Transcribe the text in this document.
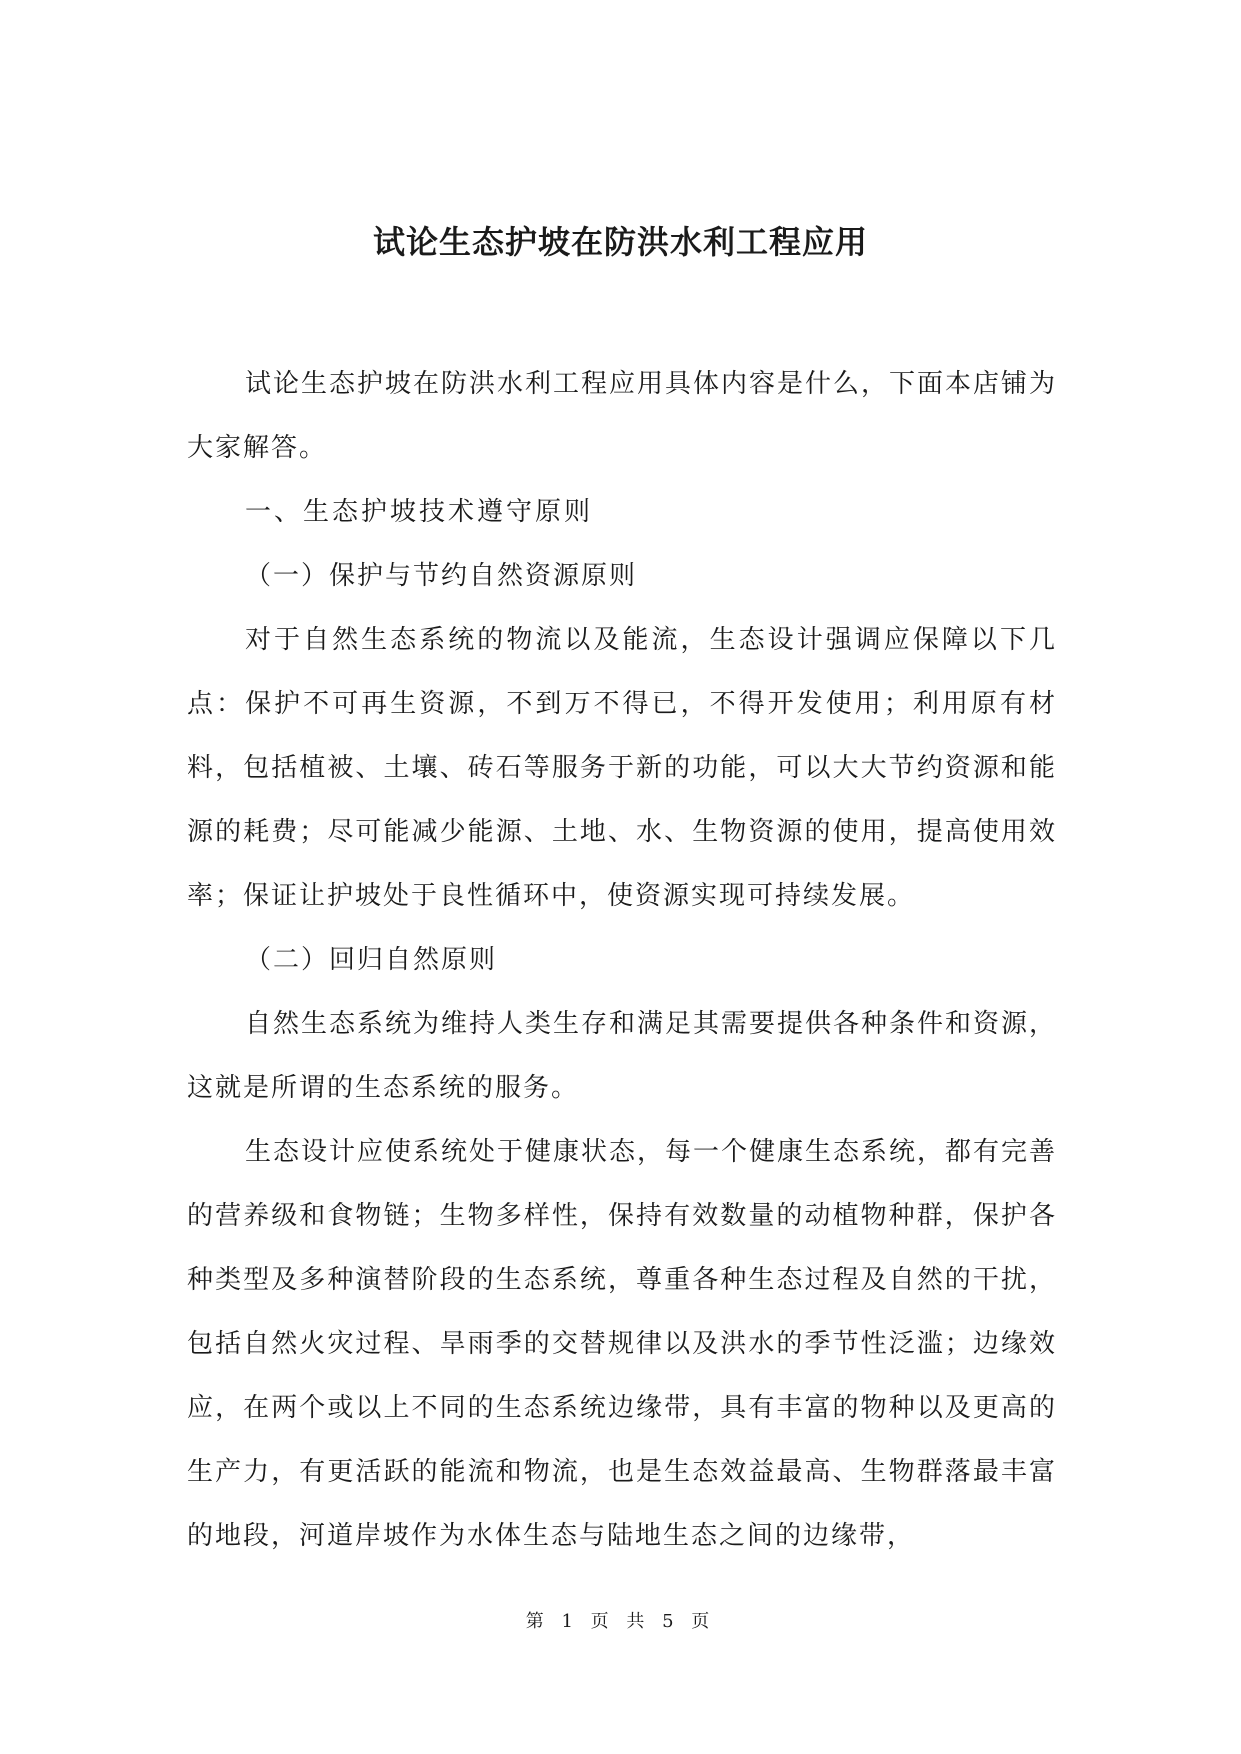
试论生态护坡在防洪水利工程应用

试论生态护坡在防洪水利工程应用具体内容是什么，下面本店铺为大家解答。

一、生态护坡技术遵守原则

（一）保护与节约自然资源原则

对于自然生态系统的物流以及能流，生态设计强调应保障以下几点：保护不可再生资源，不到万不得已，不得开发使用；利用原有材料，包括植被、土壤、砖石等服务于新的功能，可以大大节约资源和能源的耗费；尽可能减少能源、土地、水、生物资源的使用，提高使用效率；保证让护坡处于良性循环中，使资源实现可持续发展。

（二）回归自然原则

自然生态系统为维持人类生存和满足其需要提供各种条件和资源，这就是所谓的生态系统的服务。

生态设计应使系统处于健康状态，每一个健康生态系统，都有完善的营养级和食物链；生物多样性，保持有效数量的动植物种群，保护各种类型及多种演替阶段的生态系统，尊重各种生态过程及自然的干扰，包括自然火灾过程、旱雨季的交替规律以及洪水的季节性泛滥；边缘效应，在两个或以上不同的生态系统边缘带，具有丰富的物种以及更高的生产力，有更活跃的能流和物流，也是生态效益最高、生物群落最丰富的地段，河道岸坡作为水体生态与陆地生态之间的边缘带，

第 1 页 共 5 页
